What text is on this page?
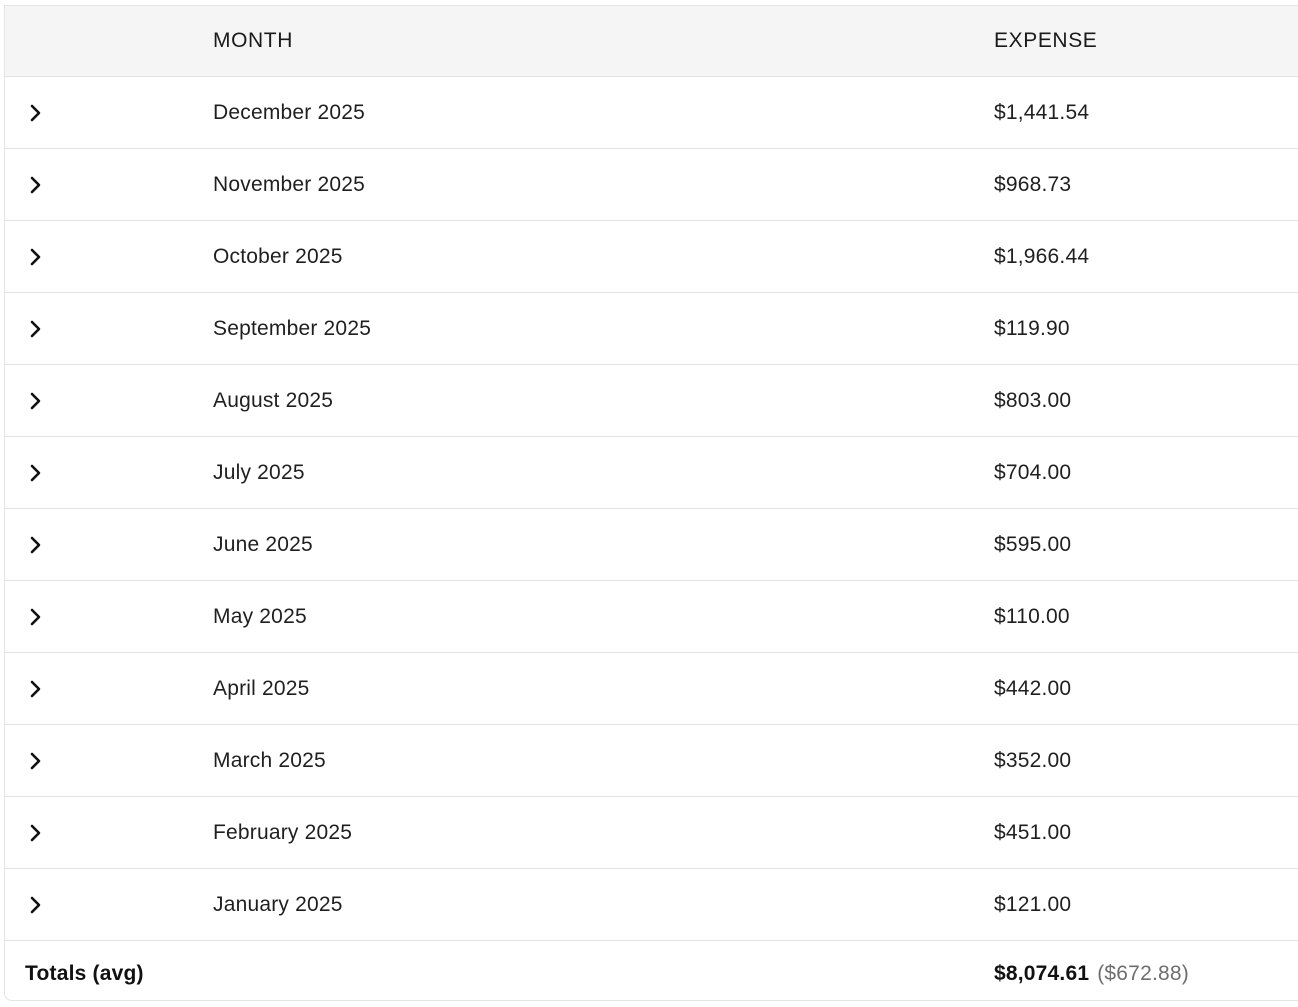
MONTH	EXPENSE
December 2025	$1,441.54
November 2025	$968.73
October 2025	$1,966.44
September 2025	$119.90
August 2025	$803.00
July 2025	$704.00
June 2025	$595.00
May 2025	$110.00
April 2025	$442.00
March 2025	$352.00
February 2025	$451.00
January 2025	$121.00
Totals (avg)	$8,074.61 ($672.88)
